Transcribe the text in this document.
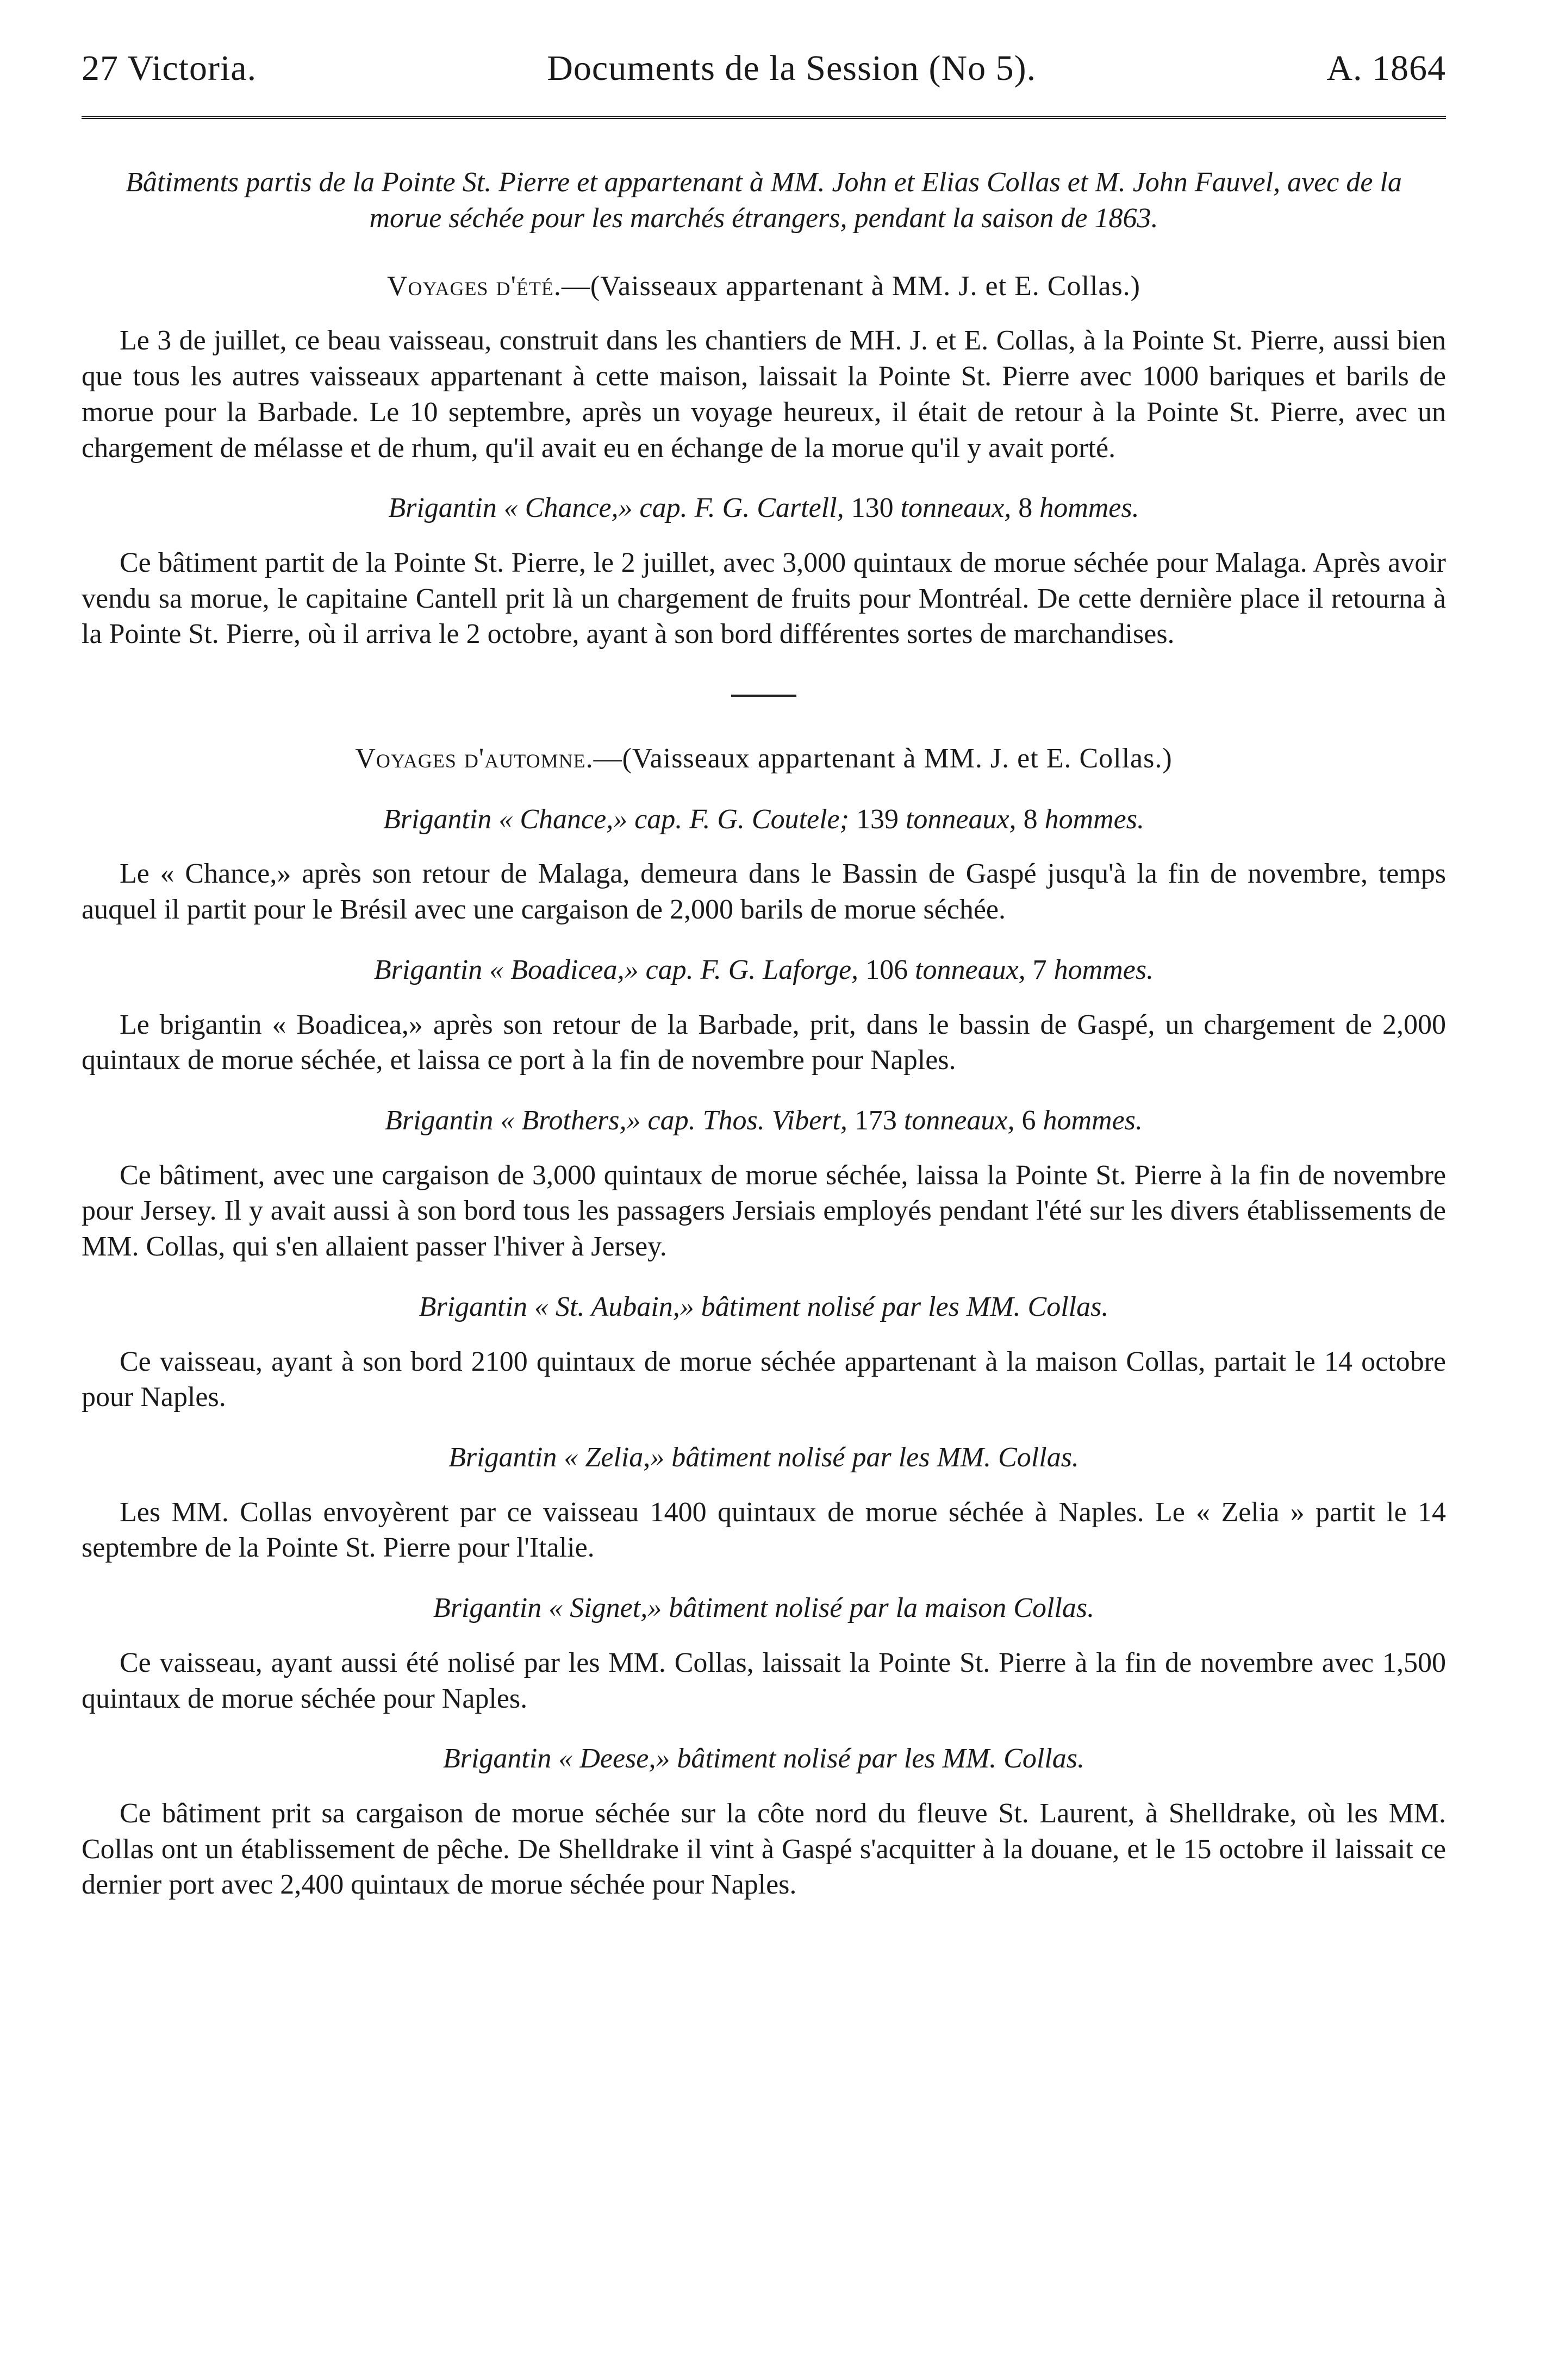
27 Victoria.	Documents de la Session (No 5).	A. 1864

Bâtiments partis de la Pointe St. Pierre et appartenant à MM. John et Elias Collas et M. John Fauvel, avec de la morue séchée pour les marchés étrangers, pendant la saison de 1863.

Voyages d'été.—(Vaisseaux appartenant à MM. J. et E. Collas.)

Le 3 de juillet, ce beau vaisseau, construit dans les chantiers de MH. J. et E. Collas, à la Pointe St. Pierre, aussi bien que tous les autres vaisseaux appartenant à cette maison, laissait la Pointe St. Pierre avec 1000 bariques et barils de morue pour la Barbade. Le 10 septembre, après un voyage heureux, il était de retour à la Pointe St. Pierre, avec un chargement de mélasse et de rhum, qu'il avait eu en échange de la morue qu'il y avait porté.

Brigantin « Chance,» cap. F. G. Cartell, 130 tonneaux, 8 hommes.

Ce bâtiment partit de la Pointe St. Pierre, le 2 juillet, avec 3,000 quintaux de morue séchée pour Malaga. Après avoir vendu sa morue, le capitaine Cantell prit là un chargement de fruits pour Montréal. De cette dernière place il retourna à la Pointe St. Pierre, où il arriva le 2 octobre, ayant à son bord différentes sortes de marchandises.

Voyages d'automne.—(Vaisseaux appartenant à MM. J. et E. Collas.)
Brigantin « Chance,» cap. F. G. Coutele; 139 tonneaux, 8 hommes.

Le « Chance,» après son retour de Malaga, demeura dans le Bassin de Gaspé jusqu'à la fin de novembre, temps auquel il partit pour le Brésil avec une cargaison de 2,000 barils de morue séchée.

Brigantin « Boadicea,» cap. F. G. Laforge, 106 tonneaux, 7 hommes.

Le brigantin « Boadicea,» après son retour de la Barbade, prit, dans le bassin de Gaspé, un chargement de 2,000 quintaux de morue séchée, et laissa ce port à la fin de novembre pour Naples.

Brigantin « Brothers,» cap. Thos. Vibert, 173 tonneaux, 6 hommes.

Ce bâtiment, avec une cargaison de 3,000 quintaux de morue séchée, laissa la Pointe St. Pierre à la fin de novembre pour Jersey. Il y avait aussi à son bord tous les passagers Jersiais employés pendant l'été sur les divers établissements de MM. Collas, qui s'en allaient passer l'hiver à Jersey.

Brigantin « St. Aubain,» bâtiment nolisé par les MM. Collas.

Ce vaisseau, ayant à son bord 2100 quintaux de morue séchée appartenant à la maison Collas, partait le 14 octobre pour Naples.

Brigantin « Zelia,» bâtiment nolisé par les MM. Collas.

Les MM. Collas envoyèrent par ce vaisseau 1400 quintaux de morue séchée à Naples. Le « Zelia » partit le 14 septembre de la Pointe St. Pierre pour l'Italie.

Brigantin « Signet,» bâtiment nolisé par la maison Collas.

Ce vaisseau, ayant aussi été nolisé par les MM. Collas, laissait la Pointe St. Pierre à la fin de novembre avec 1,500 quintaux de morue séchée pour Naples.

Brigantin « Deese,» bâtiment nolisé par les MM. Collas.

Ce bâtiment prit sa cargaison de morue séchée sur la côte nord du fleuve St. Laurent, à Shelldrake, où les MM. Collas ont un établissement de pêche. De Shelldrake il vint à Gaspé s'acquitter à la douane, et le 15 octobre il laissait ce dernier port avec 2,400 quintaux de morue séchée pour Naples.
